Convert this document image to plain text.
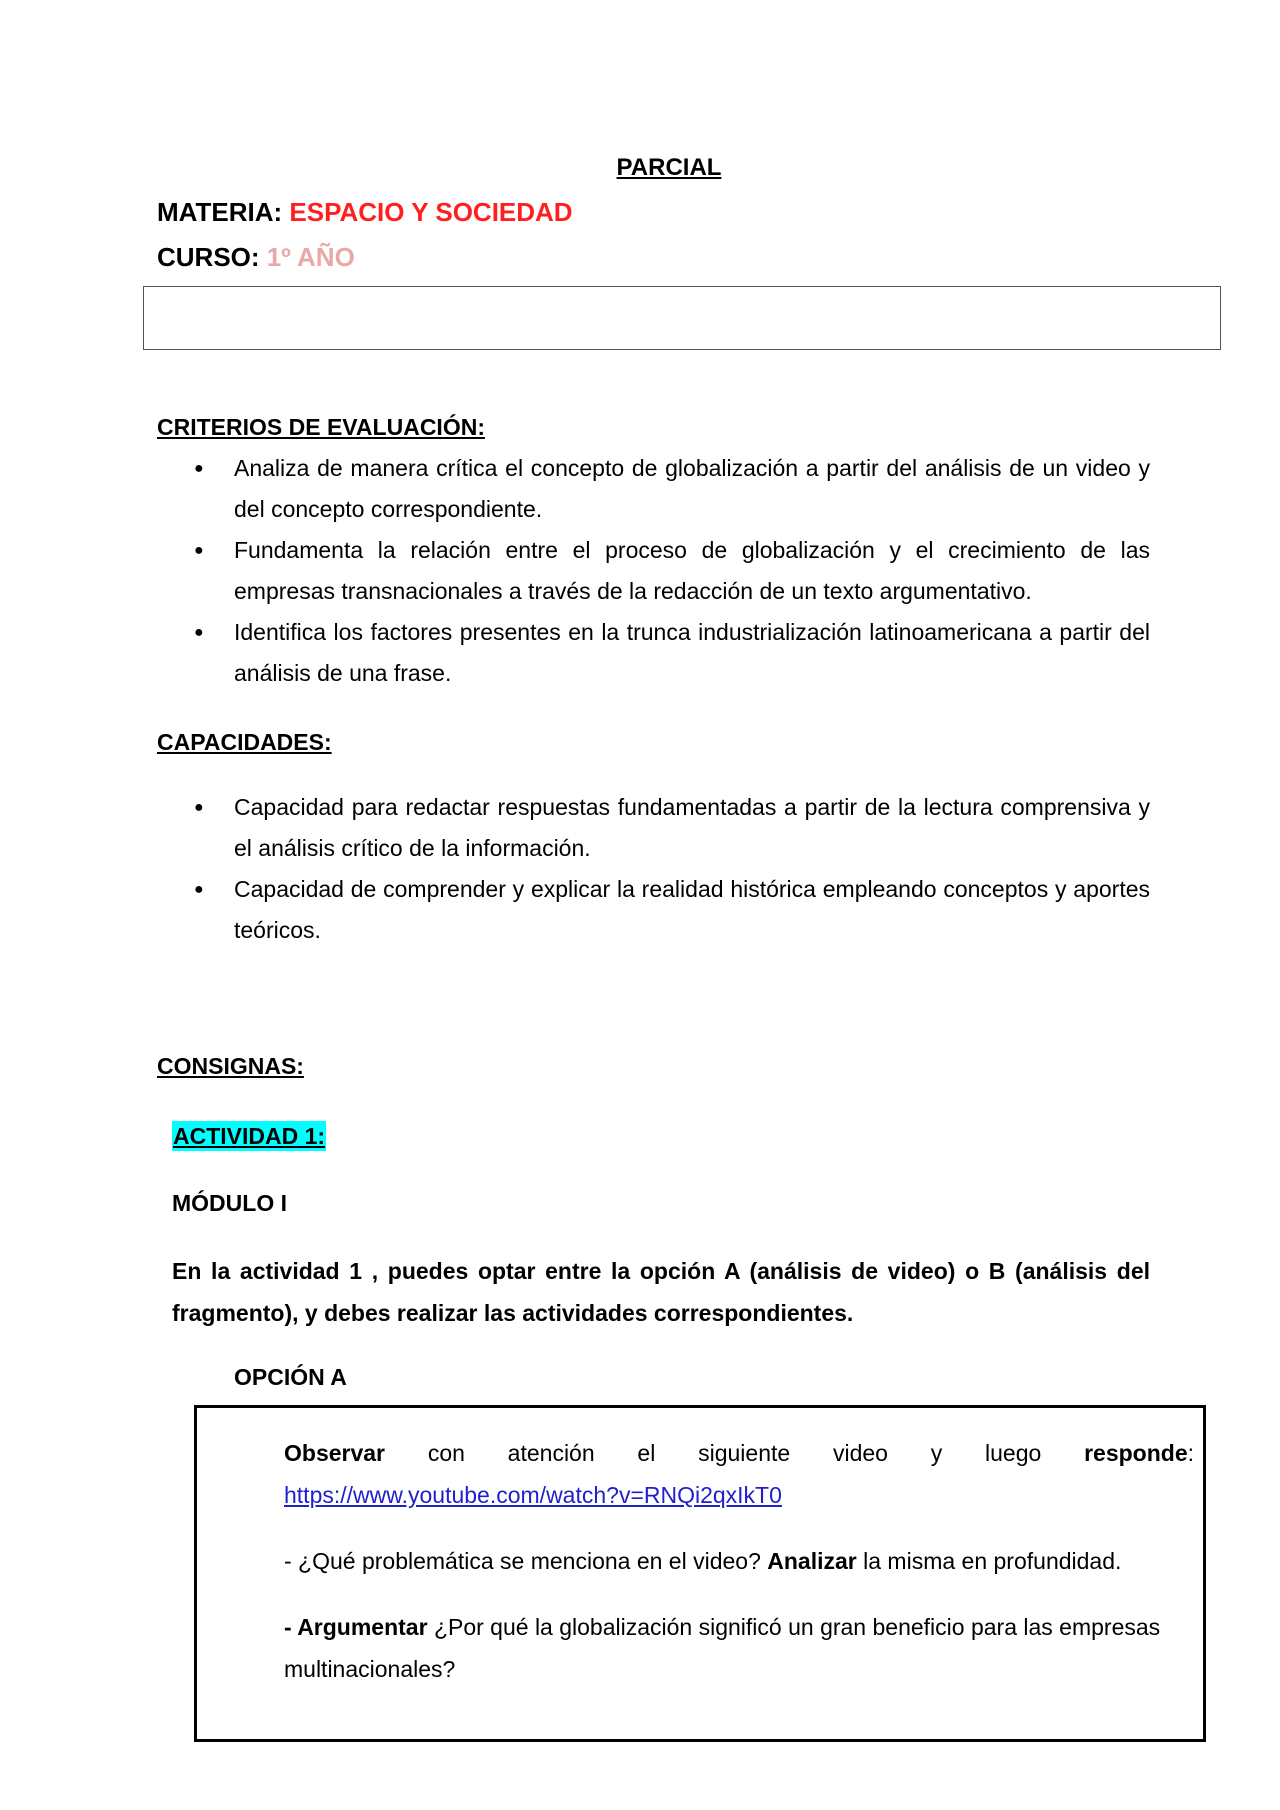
PARCIAL
MATERIA: ESPACIO Y SOCIEDAD
CURSO: 1º AÑO
CRITERIOS DE EVALUACIÓN:
● Analiza de manera crítica el concepto de globalización a partir del análisis de un video y del concepto correspondiente.
● Fundamenta la relación entre el proceso de globalización y el crecimiento de las empresas transnacionales a través de la redacción de un texto argumentativo.
● Identifica los factores presentes en la trunca industrialización latinoamericana a partir del análisis de una frase.
CAPACIDADES:
● Capacidad para redactar respuestas fundamentadas a partir de la lectura comprensiva y el análisis crítico de la información.
● Capacidad de comprender y explicar la realidad histórica empleando conceptos y aportes teóricos.
CONSIGNAS:
ACTIVIDAD 1:
MÓDULO I
En la actividad 1 , puedes optar entre la opción A (análisis de video) o B (análisis del fragmento), y debes realizar las actividades correspondientes.
OPCIÓN A
Observar con atención el siguiente video y luego responde:
https://www.youtube.com/watch?v=RNQi2qxIkT0
- ¿Qué problemática se menciona en el video? Analizar la misma en profundidad.
- Argumentar ¿Por qué la globalización significó un gran beneficio para las empresas multinacionales?
